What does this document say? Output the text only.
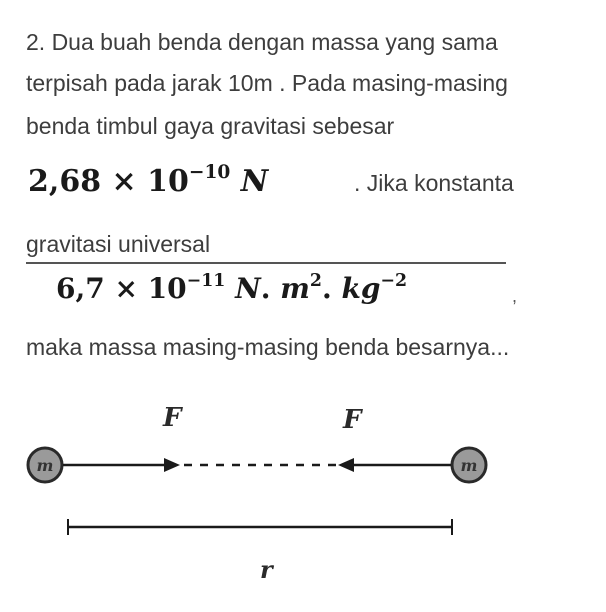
2. Dua buah benda dengan massa yang sama
terpisah pada jarak 10m . Pada masing-masing
benda timbul gaya gravitasi sebesar
$2,68 \times 10^{-10}$ N	. Jika konstanta
gravitasi universal
$6,7 \times 10^{-11}$ N. $m^2$. $kg^{-2}$
,
maka massa masing-masing benda besarnya...
F	F
m	m
r
